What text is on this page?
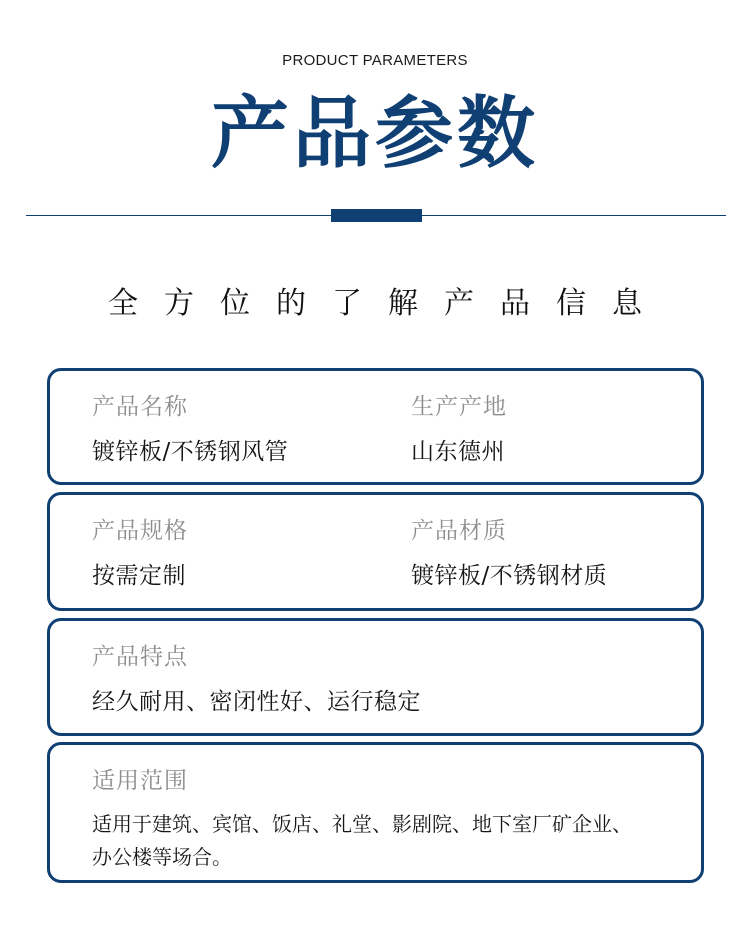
PRODUCT PARAMETERS
产品参数
全方位的了解产品信息
产品名称
镀锌板/不锈钢风管
生产产地
山东德州
产品规格
按需定制
产品材质
镀锌板/不锈钢材质
产品特点
经久耐用、密闭性好、运行稳定
适用范围
适用于建筑、宾馆、饭店、礼堂、影剧院、地下室厂矿企业、
办公楼等场合。
